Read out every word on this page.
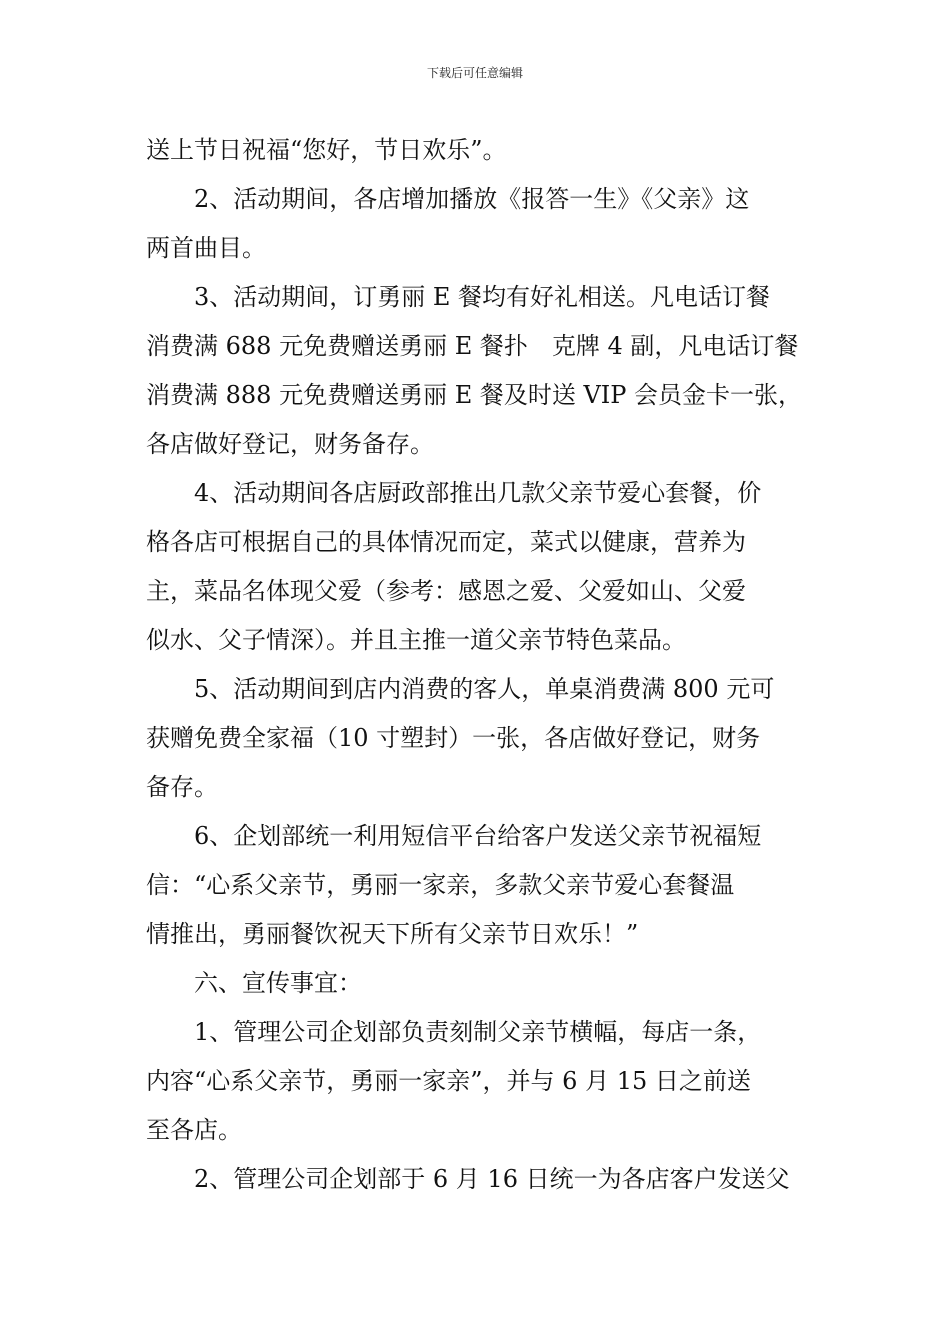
下载后可任意编辑
送上节日祝福“您好，节日欢乐”。
　　2、活动期间，各店增加播放《报答一生》《父亲》这
两首曲目。
　　3、活动期间，订勇丽 E 餐均有好礼相送。凡电话订餐
消费满 688 元免费赠送勇丽 E 餐扑　克牌 4 副，凡电话订餐
消费满 888 元免费赠送勇丽 E 餐及时送 VIP 会员金卡一张，
各店做好登记，财务备存。
　　4、活动期间各店厨政部推出几款父亲节爱心套餐，价
格各店可根据自己的具体情况而定，菜式以健康，营养为
主，菜品名体现父爱（参考：感恩之爱、父爱如山、父爱
似水、父子情深）。并且主推一道父亲节特色菜品。
　　5、活动期间到店内消费的客人，单桌消费满 800 元可
获赠免费全家福（10 寸塑封）一张，各店做好登记，财务
备存。
　　6、企划部统一利用短信平台给客户发送父亲节祝福短
信：“心系父亲节，勇丽一家亲，多款父亲节爱心套餐温
情推出，勇丽餐饮祝天下所有父亲节日欢乐！”
　　六、宣传事宜：
　　1、管理公司企划部负责刻制父亲节横幅，每店一条，
内容“心系父亲节，勇丽一家亲”，并与 6 月 15 日之前送
至各店。
　　2、管理公司企划部于 6 月 16 日统一为各店客户发送父
